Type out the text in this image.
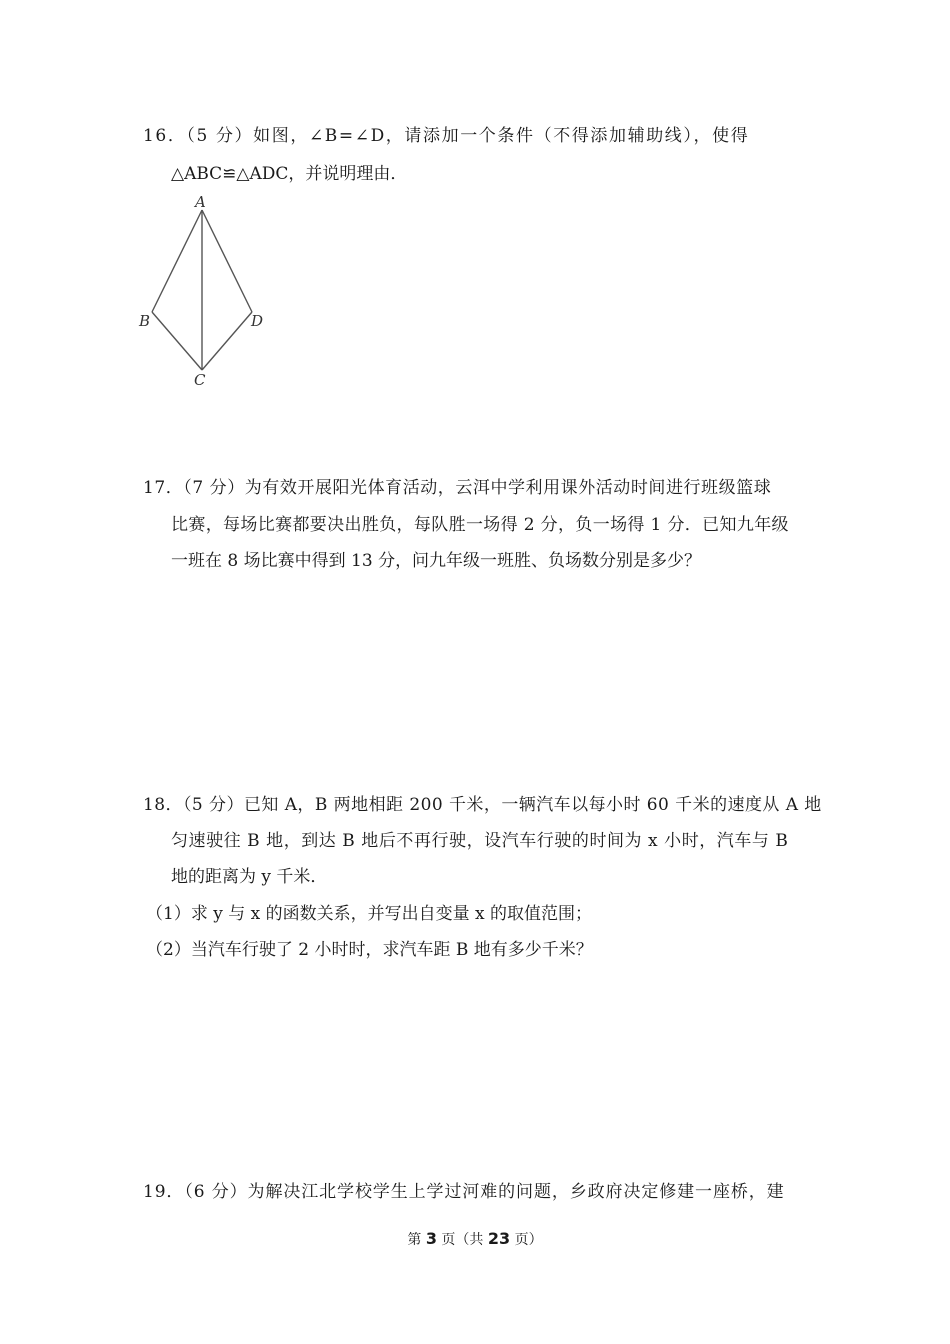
16．（5 分）如图，∠B=∠D，请添加一个条件（不得添加辅助线），使得
△ABC≌△ADC，并说明理由．
A
B
C
D
17．（7 分）为有效开展阳光体育活动，云洱中学利用课外活动时间进行班级篮球
比赛，每场比赛都要决出胜负，每队胜一场得 2 分，负一场得 1 分．已知九年级
一班在 8 场比赛中得到 13 分，问九年级一班胜、负场数分别是多少？
18．（5 分）已知 A，B 两地相距 200 千米，一辆汽车以每小时 60 千米的速度从 A 地
匀速驶往 B 地，到达 B 地后不再行驶，设汽车行驶的时间为 x 小时，汽车与 B
地的距离为 y 千米．
（1）求 y 与 x 的函数关系，并写出自变量 x 的取值范围；
（2）当汽车行驶了 2 小时时，求汽车距 B 地有多少千米？
19．（6 分）为解决江北学校学生上学过河难的问题，乡政府决定修建一座桥，建
第 3 页（共 23 页）
